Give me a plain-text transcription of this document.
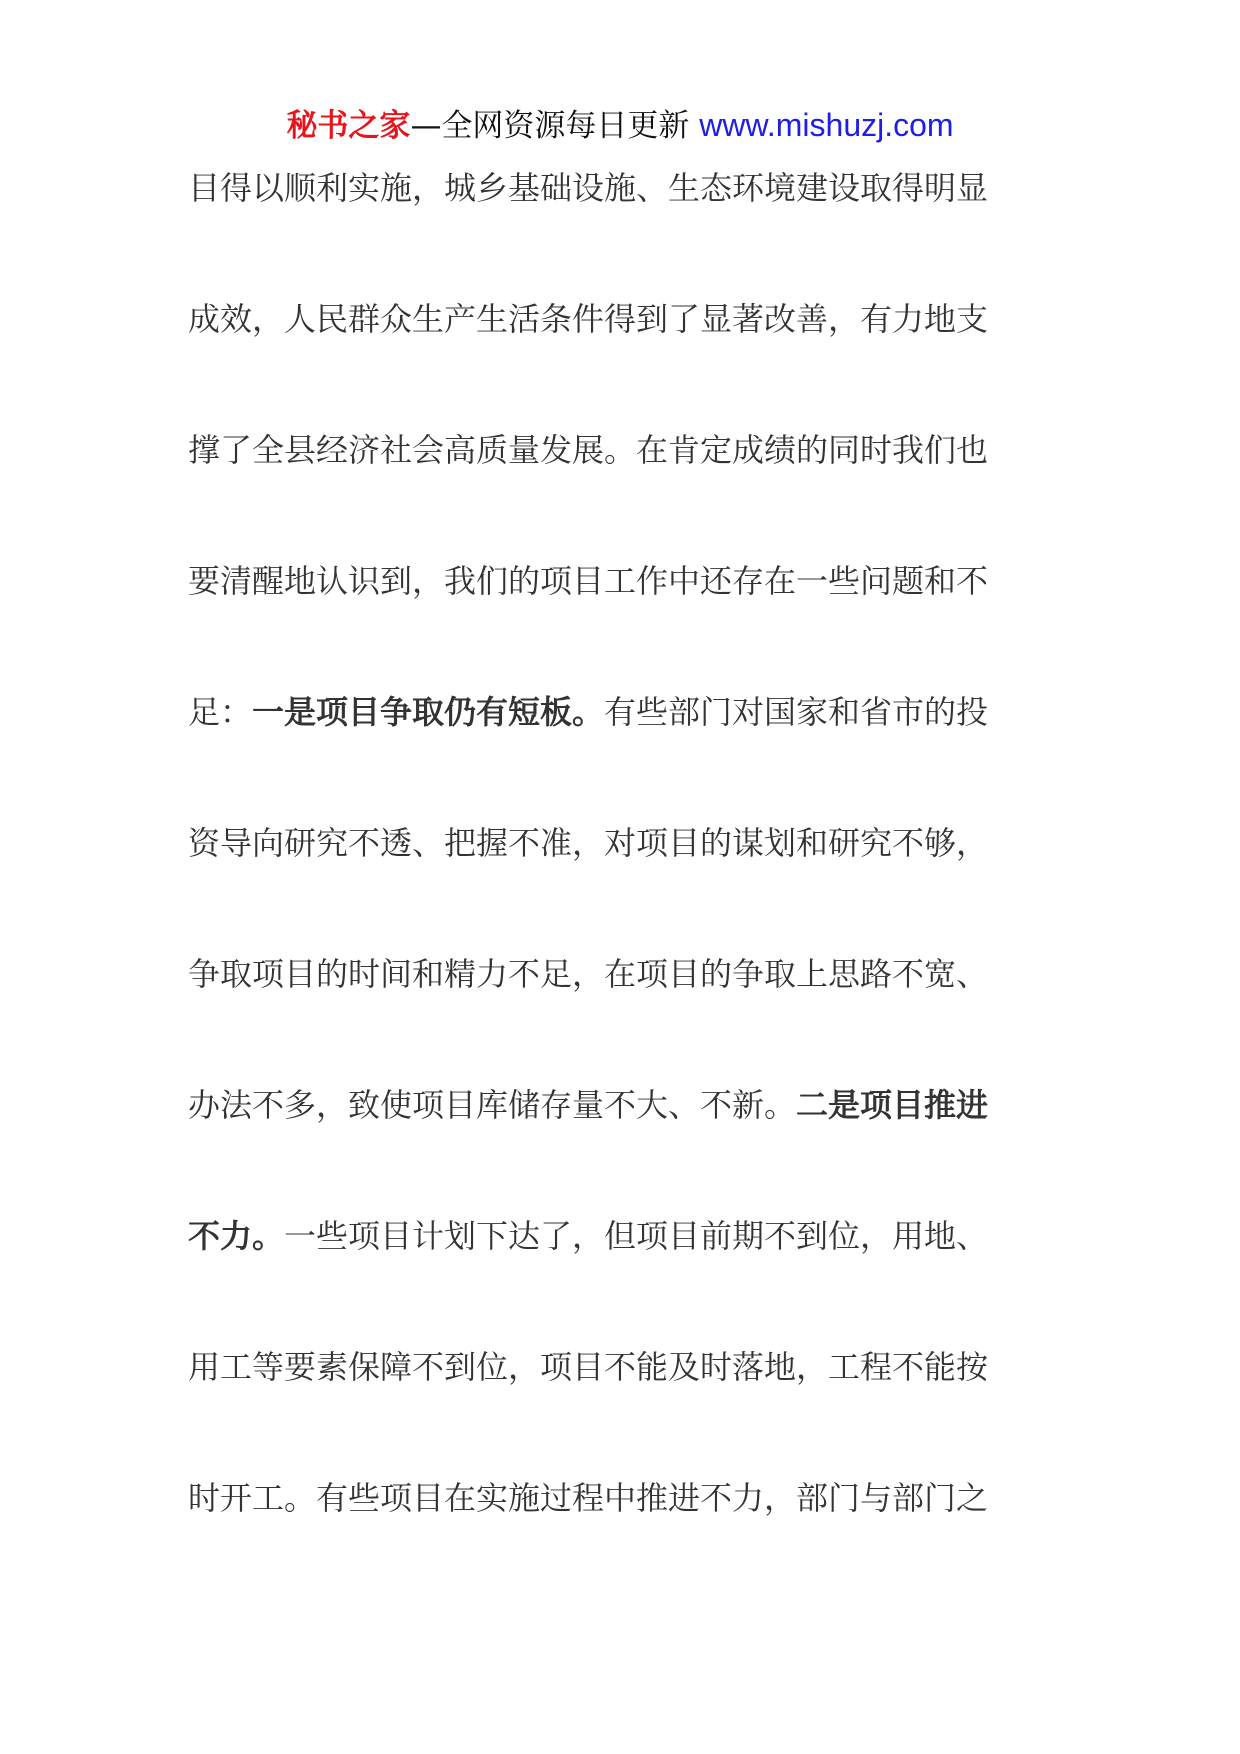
秘书之家—全网资源每日更新 www.mishuzj.com
目得以顺利实施，城乡基础设施、生态环境建设取得明显
成效，人民群众生产生活条件得到了显著改善，有力地支
撑了全县经济社会高质量发展。在肯定成绩的同时我们也
要清醒地认识到，我们的项目工作中还存在一些问题和不
足：一是项目争取仍有短板。有些部门对国家和省市的投
资导向研究不透、把握不准，对项目的谋划和研究不够，
争取项目的时间和精力不足，在项目的争取上思路不宽、
办法不多，致使项目库储存量不大、不新。二是项目推进
不力。一些项目计划下达了，但项目前期不到位，用地、
用工等要素保障不到位，项目不能及时落地，工程不能按
时开工。有些项目在实施过程中推进不力，部门与部门之
